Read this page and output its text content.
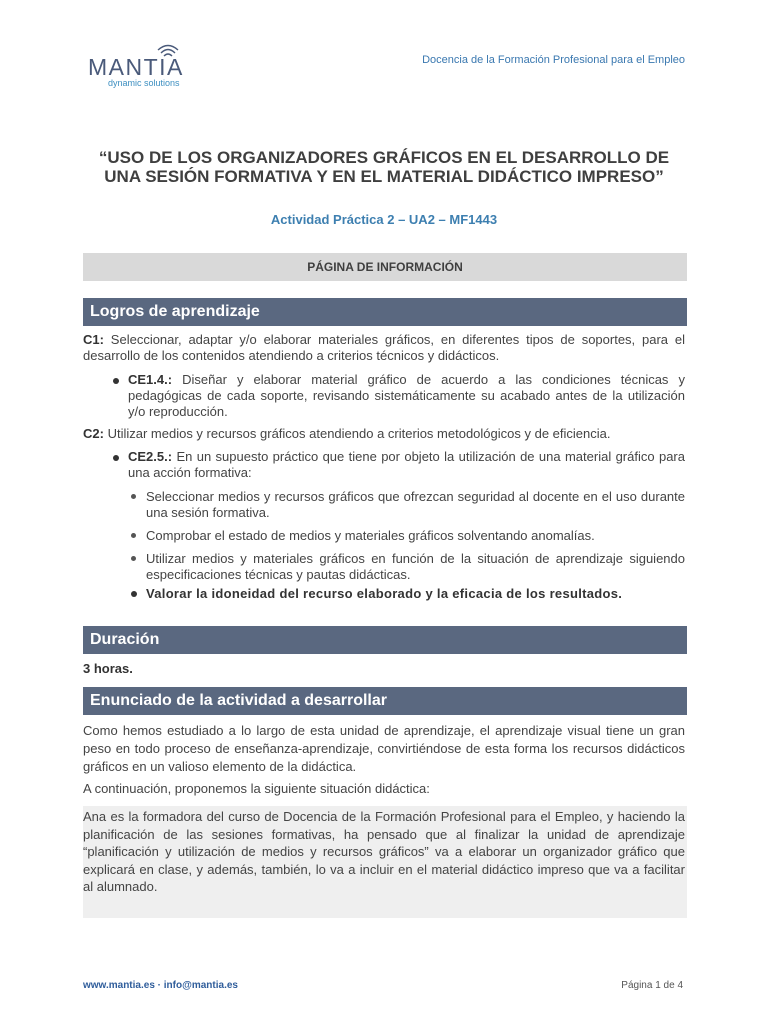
MANTIA
dynamic solutions
Docencia de la Formación Profesional para el Empleo
“USO DE LOS ORGANIZADORES GRÁFICOS EN EL DESARROLLO DE UNA SESIÓN FORMATIVA Y EN EL MATERIAL DIDÁCTICO IMPRESO”
Actividad Práctica 2 – UA2 – MF1443
PÁGINA DE INFORMACIÓN
Logros de aprendizaje
C1: Seleccionar, adaptar y/o elaborar materiales gráficos, en diferentes tipos de soportes, para el desarrollo de los contenidos atendiendo a criterios técnicos y didácticos.
CE1.4.: Diseñar y elaborar material gráfico de acuerdo a las condiciones técnicas y pedagógicas de cada soporte, revisando sistemáticamente su acabado antes de la utilización y/o reproducción.
C2: Utilizar medios y recursos gráficos atendiendo a criterios metodológicos y de eficiencia.
CE2.5.: En un supuesto práctico que tiene por objeto la utilización de una material gráfico para una acción formativa:
Seleccionar medios y recursos gráficos que ofrezcan seguridad al docente en el uso durante una sesión formativa.
Comprobar el estado de medios y materiales gráficos solventando anomalías.
Utilizar medios y materiales gráficos en función de la situación de aprendizaje siguiendo especificaciones técnicas y pautas didácticas.
Valorar la idoneidad del recurso elaborado y la eficacia de los resultados.
Duración
3 horas.
Enunciado de la actividad a desarrollar
Como hemos estudiado a lo largo de esta unidad de aprendizaje, el aprendizaje visual tiene un gran peso en todo proceso de enseñanza-aprendizaje, convirtiéndose de esta forma los recursos didácticos gráficos en un valioso elemento de la didáctica.
A continuación, proponemos la siguiente situación didáctica:
Ana es la formadora del curso de Docencia de la Formación Profesional para el Empleo, y haciendo la planificación de las sesiones formativas, ha pensado que al finalizar la unidad de aprendizaje “planificación y utilización de medios y recursos gráficos” va a elaborar un organizador gráfico que explicará en clase, y además, también, lo va a incluir en el material didáctico impreso que va a facilitar al alumnado.
www.mantia.es · info@mantia.es	Página 1 de 4
